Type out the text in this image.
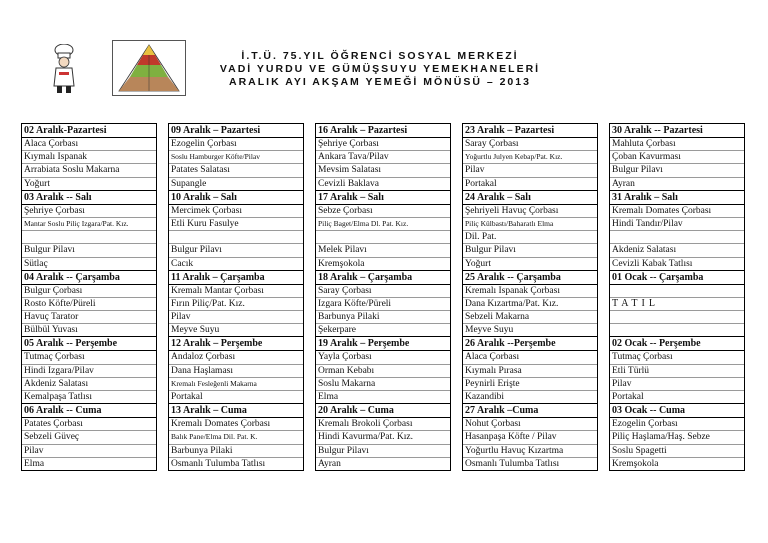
İ.T.Ü. 75.YIL ÖĞRENCİ SOSYAL MERKEZİ
VADİ YURDU VE GÜMÜŞSUYU YEMEKHANELERİ
ARALIK AYI AKŞAM YEMEĞİ MÖNÜSÜ – 2013
02 Aralık-Pazartesi
Alaca Çorbası
Kıymalı Ispanak
Arrabiata Soslu Makarna
Yoğurt
03 Aralık -- Salı
Şehriye Çorbası
Mantar Soslu Piliç Izgara/Pat. Kız.
Bulgur Pilavı
Sütlaç
04 Aralık -- Çarşamba
Bulgur Çorbası
Rosto Köfte/Püreli
Havuç Tarator
Bülbül Yuvası
05 Aralık -- Perşembe
Tutmaç Çorbası
Hindi Izgara/Pilav
Akdeniz Salatası
Kemalpaşa Tatlısı
06 Aralık -- Cuma
Patates Çorbası
Sebzeli Güveç
Pilav
Elma
09 Aralık – Pazartesi
Ezogelin Çorbası
Soslu Hamburger Köfte/Pilav
Patates Salatası
Supangle
10 Aralık – Salı
Mercimek Çorbası
Etli Kuru Fasulye
Bulgur Pilavı
Cacık
11 Aralık – Çarşamba
Kremalı Mantar Çorbası
Fırın Piliç/Pat. Kız.
Pilav
Meyve Suyu
12 Aralık – Perşembe
Andaloz Çorbası
Dana Haşlaması
Kremalı Fesleğenli Makarna
Portakal
13 Aralık – Cuma
Kremalı Domates Çorbası
Balık Pane/Elma Dil. Pat. K.
Barbunya Pilaki
Osmanlı Tulumba Tatlısı
16 Aralık – Pazartesi
Şehriye Çorbası
Ankara Tava/Pilav
Mevsim Salatası
Cevizli Baklava
17 Aralık – Salı
Sebze Çorbası
Piliç Baget/Elma Dl. Pat. Kız.
Melek Pilavı
Kremşokola
18 Aralık – Çarşamba
Saray Çorbası
Izgara Köfte/Püreli
Barbunya Pilaki
Şekerpare
19 Aralık – Perşembe
Yayla Çorbası
Orman Kebabı
Soslu Makarna
Elma
20 Aralık – Cuma
Kremalı Brokoli Çorbası
Hindi Kavurma/Pat. Kız.
Bulgur Pilavı
Ayran
23 Aralık – Pazartesi
Saray Çorbası
Yoğurtlu Julyen Kebap/Pat. Kız.
Pilav
Portakal
24 Aralık – Salı
Şehriyeli Havuç Çorbası
Piliç Külbastı/Baharatlı Elma
Dil. Pat.
Bulgur Pilavı
Yoğurt
25 Aralık -- Çarşamba
Kremalı Ispanak Çorbası
Dana Kızartma/Pat. Kız.
Sebzeli Makarna
Meyve Suyu
26 Aralık --Perşembe
Alaca Çorbası
Kıymalı Pırasa
Peynirli Erişte
Kazandibi
27 Aralık –Cuma
Nohut Çorbası
Hasanpaşa Köfte / Pilav
Yoğurtlu Havuç Kızartma
Osmanlı Tulumba Tatlısı
30 Aralık -- Pazartesi
Mahluta Çorbası
Çoban Kavurması
Bulgur Pilavı
Ayran
31 Aralık – Salı
Kremalı Domates Çorbası
Hindi Tandır/Pilav
Akdeniz Salatası
Cevizli Kabak Tatlısı
01 Ocak -- Çarşamba
TATIL
02 Ocak -- Perşembe
Tutmaç Çorbası
Etli Türlü
Pilav
Portakal
03 Ocak -- Cuma
Ezogelin Çorbası
Piliç Haşlama/Haş. Sebze
Soslu Spagetti
Kremşokola
